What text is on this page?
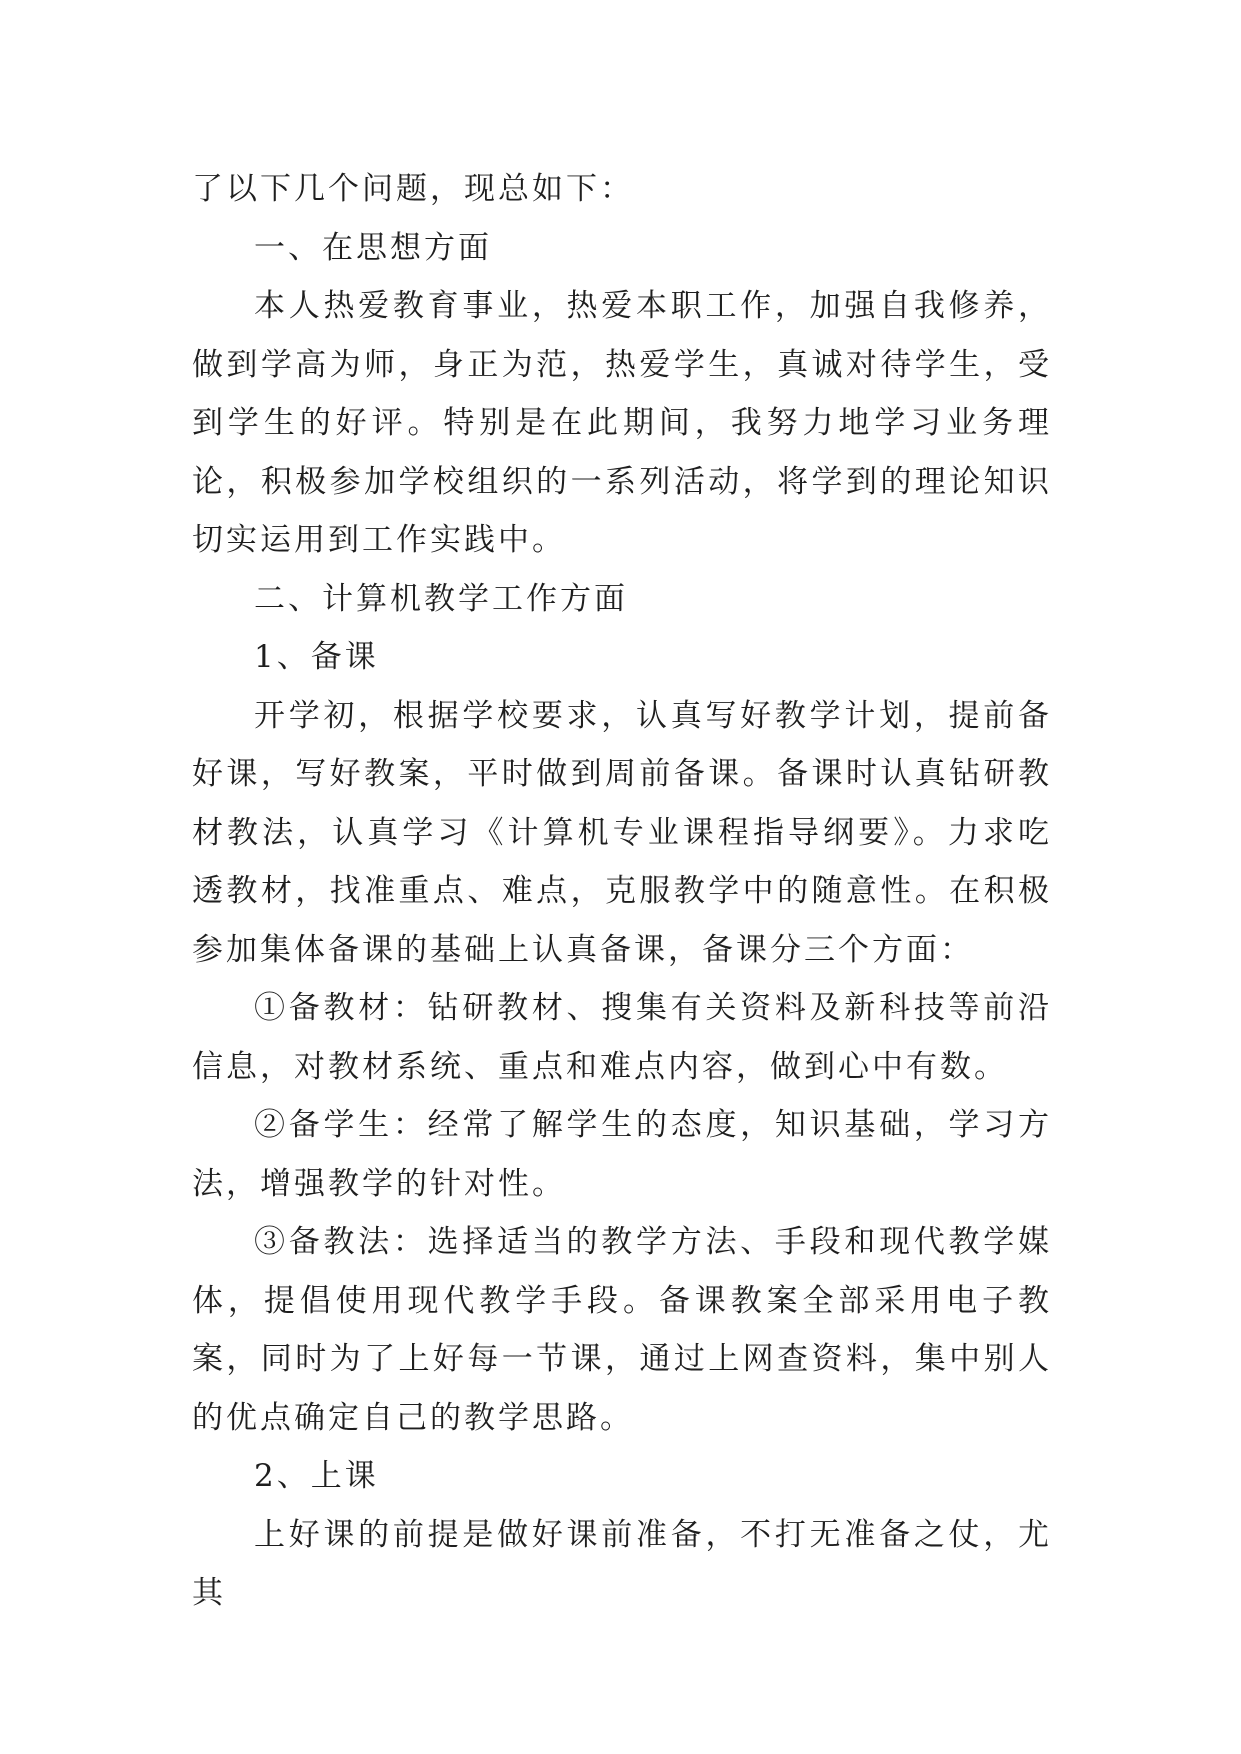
了以下几个问题，现总如下：

一、在思想方面

本人热爱教育事业，热爱本职工作，加强自我修养，做到学高为师，身正为范，热爱学生，真诚对待学生，受到学生的好评。特别是在此期间，我努力地学习业务理论，积极参加学校组织的一系列活动，将学到的理论知识切实运用到工作实践中。

二、计算机教学工作方面

1、备课

开学初，根据学校要求，认真写好教学计划，提前备好课，写好教案，平时做到周前备课。备课时认真钻研教材教法，认真学习《计算机专业课程指导纲要》。力求吃透教材，找准重点、难点，克服教学中的随意性。在积极参加集体备课的基础上认真备课，备课分三个方面：

①备教材：钻研教材、搜集有关资料及新科技等前沿信息，对教材系统、重点和难点内容，做到心中有数。

②备学生：经常了解学生的态度，知识基础，学习方法，增强教学的针对性。

③备教法：选择适当的教学方法、手段和现代教学媒体，提倡使用现代教学手段。备课教案全部采用电子教案，同时为了上好每一节课，通过上网查资料，集中别人的优点确定自己的教学思路。

2、上课

上好课的前提是做好课前准备，不打无准备之仗，尤其
